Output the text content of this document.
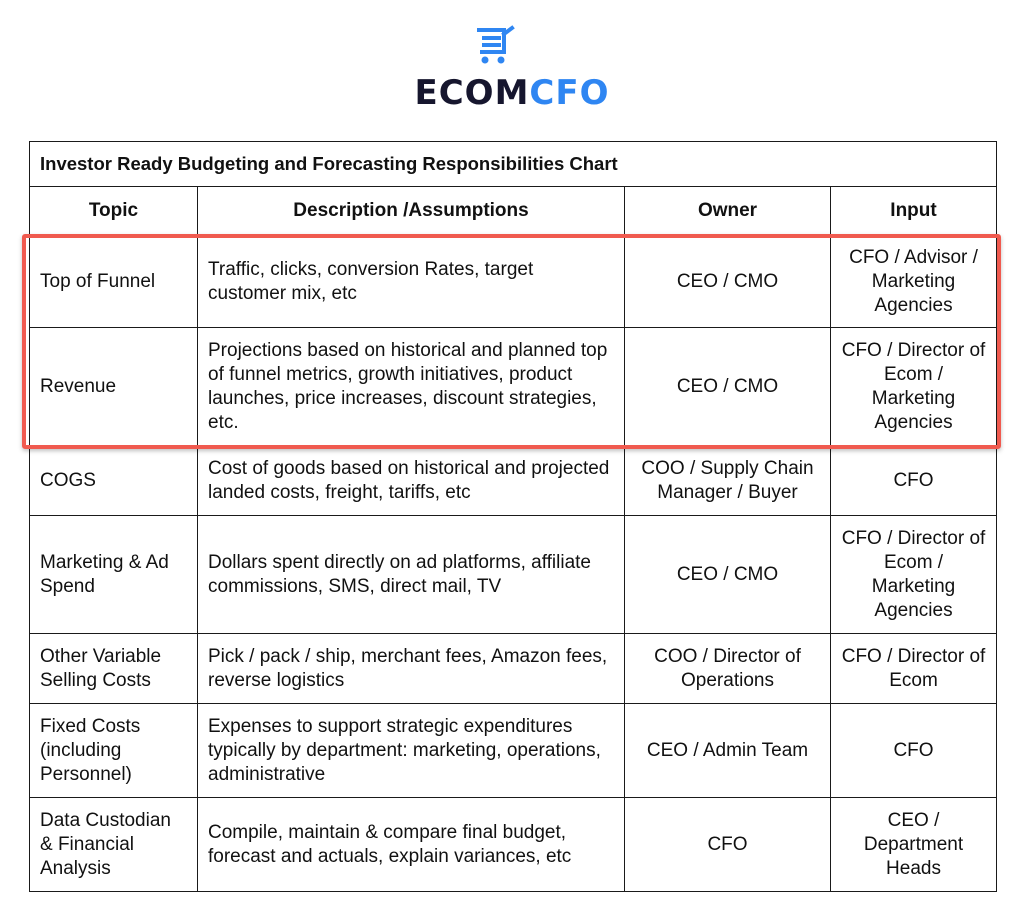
ECOMCFO
Investor Ready Budgeting and Forecasting Responsibilities Chart			
Topic	Description /Assumptions	Owner	Input
Top of Funnel	Traffic, clicks, conversion Rates, target customer mix, etc	CEO / CMO	CFO / Advisor / Marketing Agencies
Revenue	Projections based on historical and planned top of funnel metrics, growth initiatives, product launches, price increases, discount strategies, etc.	CEO / CMO	CFO / Director of Ecom / Marketing Agencies
COGS	Cost of goods based on historical and projected landed costs, freight, tariffs, etc	COO / Supply Chain Manager / Buyer	CFO
Marketing & Ad Spend	Dollars spent directly on ad platforms, affiliate commissions, SMS, direct mail, TV	CEO / CMO	CFO / Director of Ecom / Marketing Agencies
Other Variable Selling Costs	Pick / pack / ship, merchant fees, Amazon fees, reverse logistics	COO / Director of Operations	CFO / Director of Ecom
Fixed Costs (including Personnel)	Expenses to support strategic expenditures typically by department: marketing, operations, administrative	CEO / Admin Team	CFO
Data Custodian & Financial Analysis	Compile, maintain & compare final budget, forecast and actuals, explain variances, etc	CFO	CEO / Department Heads
